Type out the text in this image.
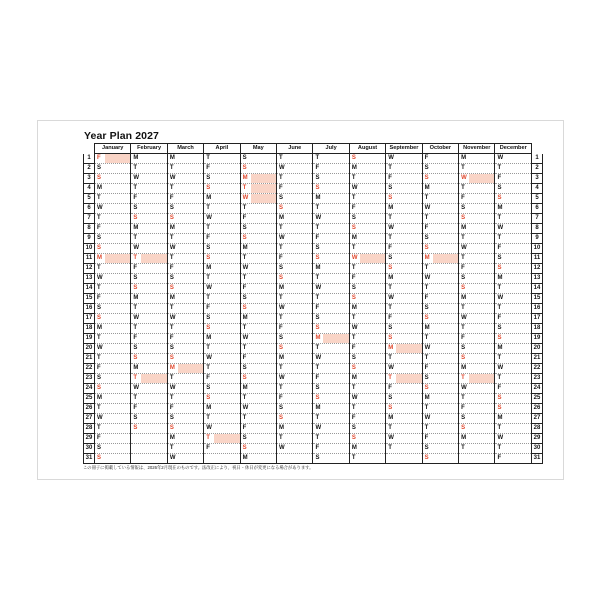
Year Plan 2027
	January	February	March	April	May	June	July	August	September	October	November	December	
1	F	M	M	T	S	T	T	S	W	F	M	W	1
2	S	T	T	F	S	W	F	M	T	S	T	T	2
3	S	W	W	S	M	T	S	T	F	S	W	F	3
4	M	T	T	S	T	F	S	W	S	M	T	S	4
5	T	F	F	M	W	S	M	T	S	T	F	S	5
6	W	S	S	T	T	S	T	F	M	W	S	M	6
7	T	S	S	W	F	M	W	S	T	T	S	T	7
8	F	M	M	T	S	T	T	S	W	F	M	W	8
9	S	T	T	F	S	W	F	M	T	S	T	T	9
10	S	W	W	S	M	T	S	T	F	S	W	F	10
11	M	T	T	S	T	F	S	W	S	M	T	S	11
12	T	F	F	M	W	S	M	T	S	T	F	S	12
13	W	S	S	T	T	S	T	F	M	W	S	M	13
14	T	S	S	W	F	M	W	S	T	T	S	T	14
15	F	M	M	T	S	T	T	S	W	F	M	W	15
16	S	T	T	F	S	W	F	M	T	S	T	T	16
17	S	W	W	S	M	T	S	T	F	S	W	F	17
18	M	T	T	S	T	F	S	W	S	M	T	S	18
19	T	F	F	M	W	S	M	T	S	T	F	S	19
20	W	S	S	T	T	S	T	F	M	W	S	M	20
21	T	S	S	W	F	M	W	S	T	T	S	T	21
22	F	M	M	T	S	T	T	S	W	F	M	W	22
23	S	T	T	F	S	W	F	M	T	S	T	T	23
24	S	W	W	S	M	T	S	T	F	S	W	F	24
25	M	T	T	S	T	F	S	W	S	M	T	S	25
26	T	F	F	M	W	S	M	T	S	T	F	S	26
27	W	S	S	T	T	S	T	F	M	W	S	M	27
28	T	S	S	W	F	M	W	S	T	T	S	T	28
29	F		M	T	S	T	T	S	W	F	M	W	29
30	S		T	F	S	W	F	M	T	S	T	T	30
31	S		W		M		S	T		S		F	31
この冊子に掲載している情報は、2026年2月現在のものです。法改正により、祝日・休日が変更になる場合があります。
